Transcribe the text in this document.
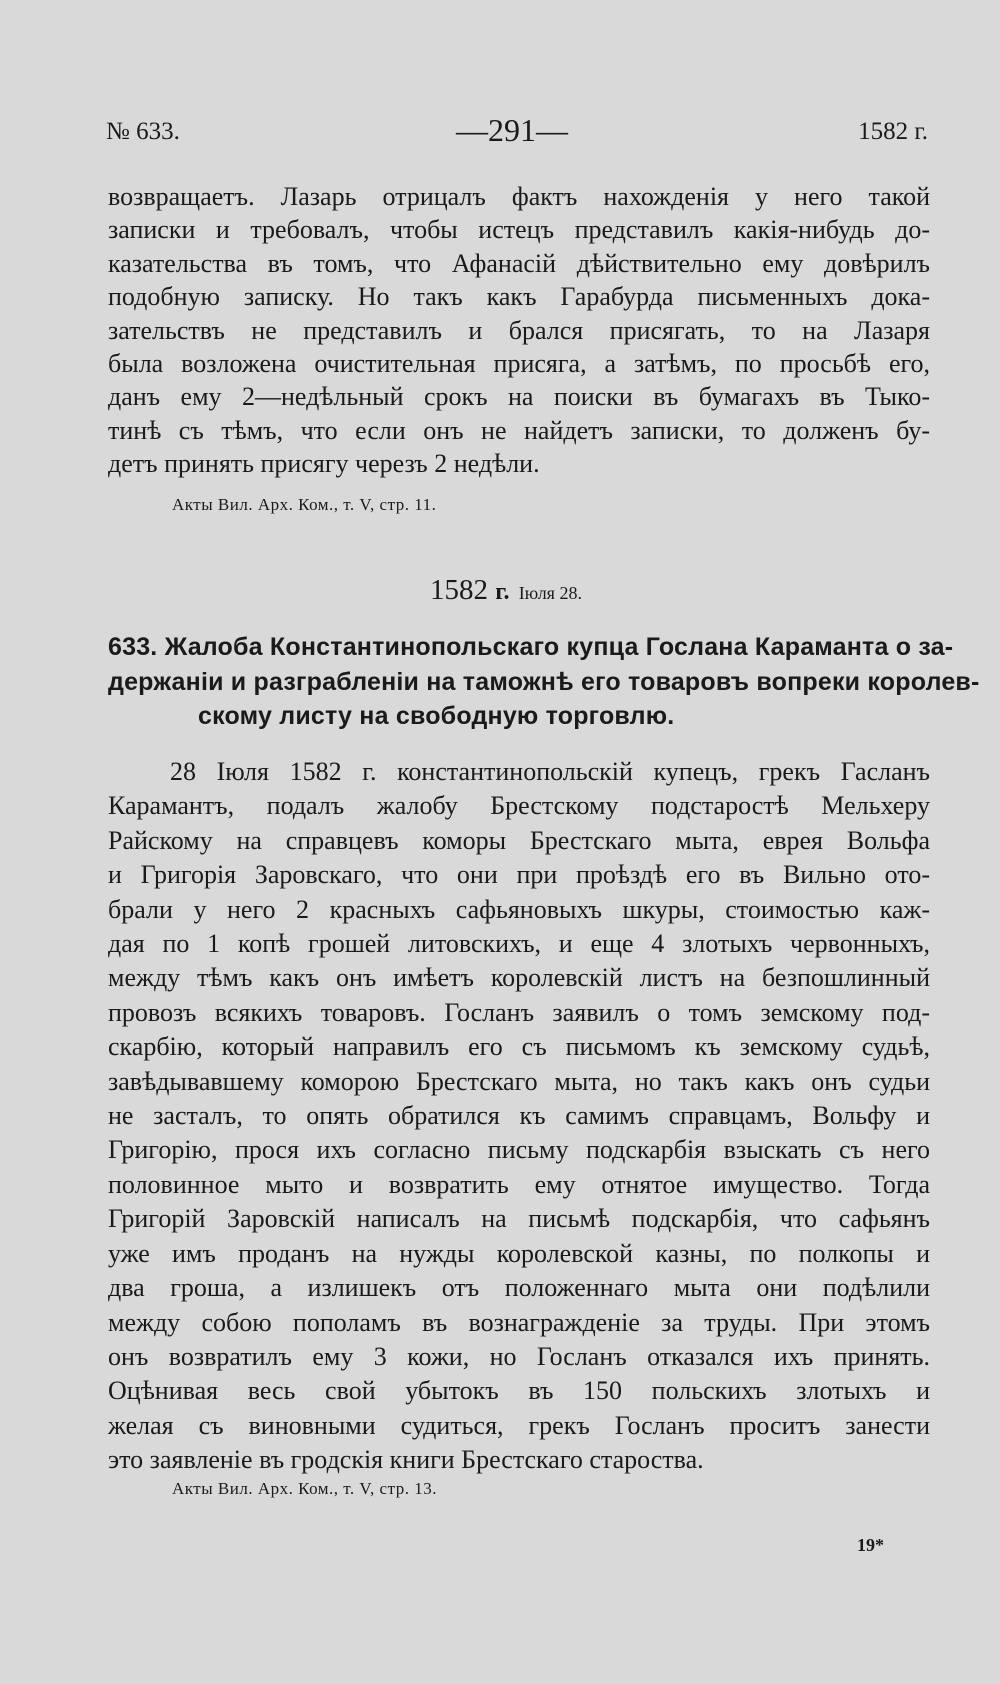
№ 633.	—291—	1582 г.
возвращаетъ. Лазарь отрицалъ фактъ нахожденія у него такой
записки и требовалъ, чтобы истецъ представилъ какія-нибудь до-
казательства въ томъ, что Афанасій дѣйствительно ему довѣрилъ
подобную записку. Но такъ какъ Гарабурда письменныхъ дока-
зательствъ не представилъ и брался присягать, то на Лазаря
была возложена очистительная присяга, а затѣмъ, по просьбѣ его,
данъ ему 2—недѣльный срокъ на поиски въ бумагахъ въ Тыко-
тинѣ съ тѣмъ, что если онъ не найдетъ записки, то долженъ бу-
детъ принять присягу черезъ 2 недѣли.
Акты Вил. Арх. Ком., т. V, стр. 11.
1582 г. Іюля 28.
633. Жалоба Константинопольскаго купца Гослана Караманта о за-
держаніи и разграбленіи на таможнѣ его товаровъ вопреки королев-
скому листу на свободную торговлю.
28 Іюля 1582 г. константинопольскій купецъ, грекъ Гасланъ
Карамантъ, подалъ жалобу Брестскому подстаростѣ Мельхеру
Райскому на справцевъ коморы Брестскаго мыта, еврея Вольфа
и Григорія Заровскаго, что они при проѣздѣ его въ Вильно ото-
брали у него 2 красныхъ сафьяновыхъ шкуры, стоимостью каж-
дая по 1 копѣ грошей литовскихъ, и еще 4 злотыхъ червонныхъ,
между тѣмъ какъ онъ имѣетъ королевскій листъ на безпошлинный
провозъ всякихъ товаровъ. Госланъ заявилъ о томъ земскому под-
скарбію, который направилъ его съ письмомъ къ земскому судьѣ,
завѣдывавшему коморою Брестскаго мыта, но такъ какъ онъ судьи
не засталъ, то опять обратился къ самимъ справцамъ, Вольфу и
Григорію, прося ихъ согласно письму подскарбія взыскать съ него
половинное мыто и возвратить ему отнятое имущество. Тогда
Григорій Заровскій написалъ на письмѣ подскарбія, что сафьянъ
уже имъ проданъ на нужды королевской казны, по полкопы и
два гроша, а излишекъ отъ положеннаго мыта они подѣлили
между собою пополамъ въ вознагражденіе за труды. При этомъ
онъ возвратилъ ему 3 кожи, но Госланъ отказался ихъ принять.
Оцѣнивая весь свой убытокъ въ 150 польскихъ злотыхъ и
желая съ виновными судиться, грекъ Госланъ проситъ занести
это заявленіе въ гродскія книги Брестскаго староства.
Акты Вил. Арх. Ком., т. V, стр. 13.
19*
